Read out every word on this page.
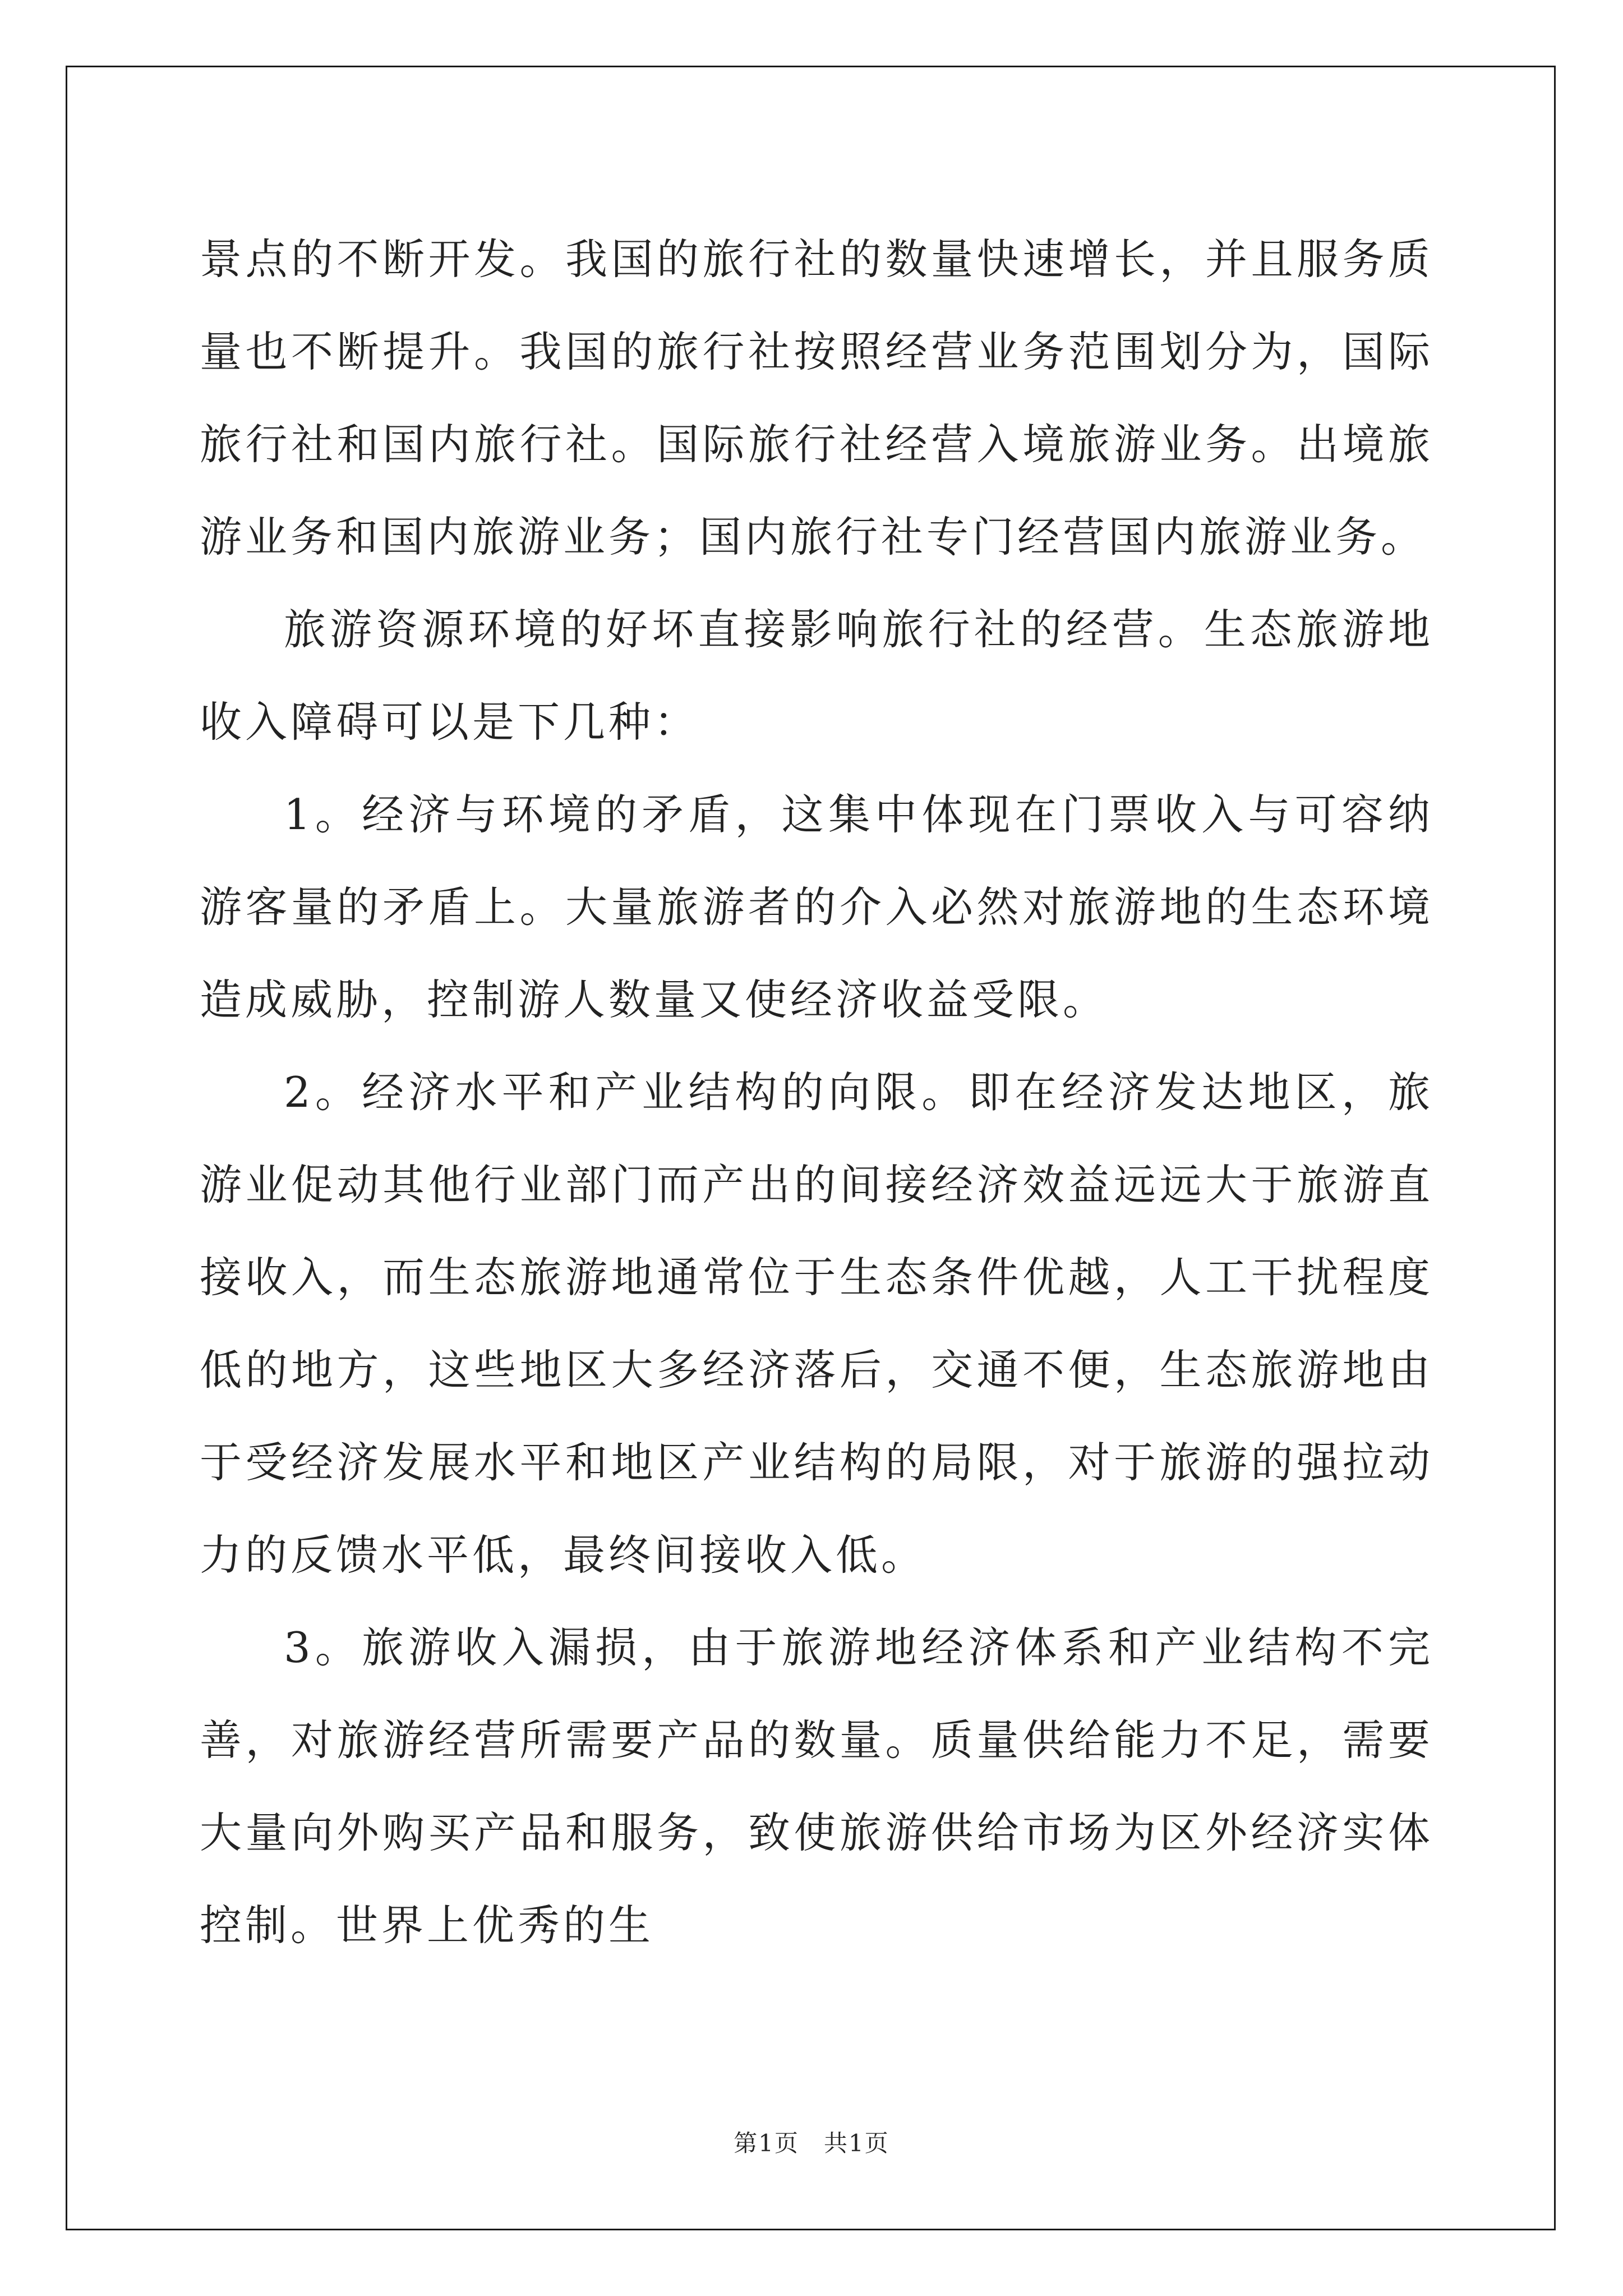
景点的不断开发。我国的旅行社的数量快速增长，并且服务质量也不断提升。我国的旅行社按照经营业务范围划分为，国际旅行社和国内旅行社。国际旅行社经营入境旅游业务。出境旅游业务和国内旅游业务；国内旅行社专门经营国内旅游业务。

旅游资源环境的好坏直接影响旅行社的经营。生态旅游地收入障碍可以是下几种：

1。经济与环境的矛盾，这集中体现在门票收入与可容纳游客量的矛盾上。大量旅游者的介入必然对旅游地的生态环境造成威胁，控制游人数量又使经济收益受限。

2。经济水平和产业结构的向限。即在经济发达地区，旅游业促动其他行业部门而产出的间接经济效益远远大于旅游直接收入，而生态旅游地通常位于生态条件优越，人工干扰程度低的地方，这些地区大多经济落后，交通不便，生态旅游地由于受经济发展水平和地区产业结构的局限，对于旅游的强拉动力的反馈水平低，最终间接收入低。

3。旅游收入漏损，由于旅游地经济体系和产业结构不完善，对旅游经营所需要产品的数量。质量供给能力不足，需要大量向外购买产品和服务，致使旅游供给市场为区外经济实体控制。世界上优秀的生

第1页　共1页
